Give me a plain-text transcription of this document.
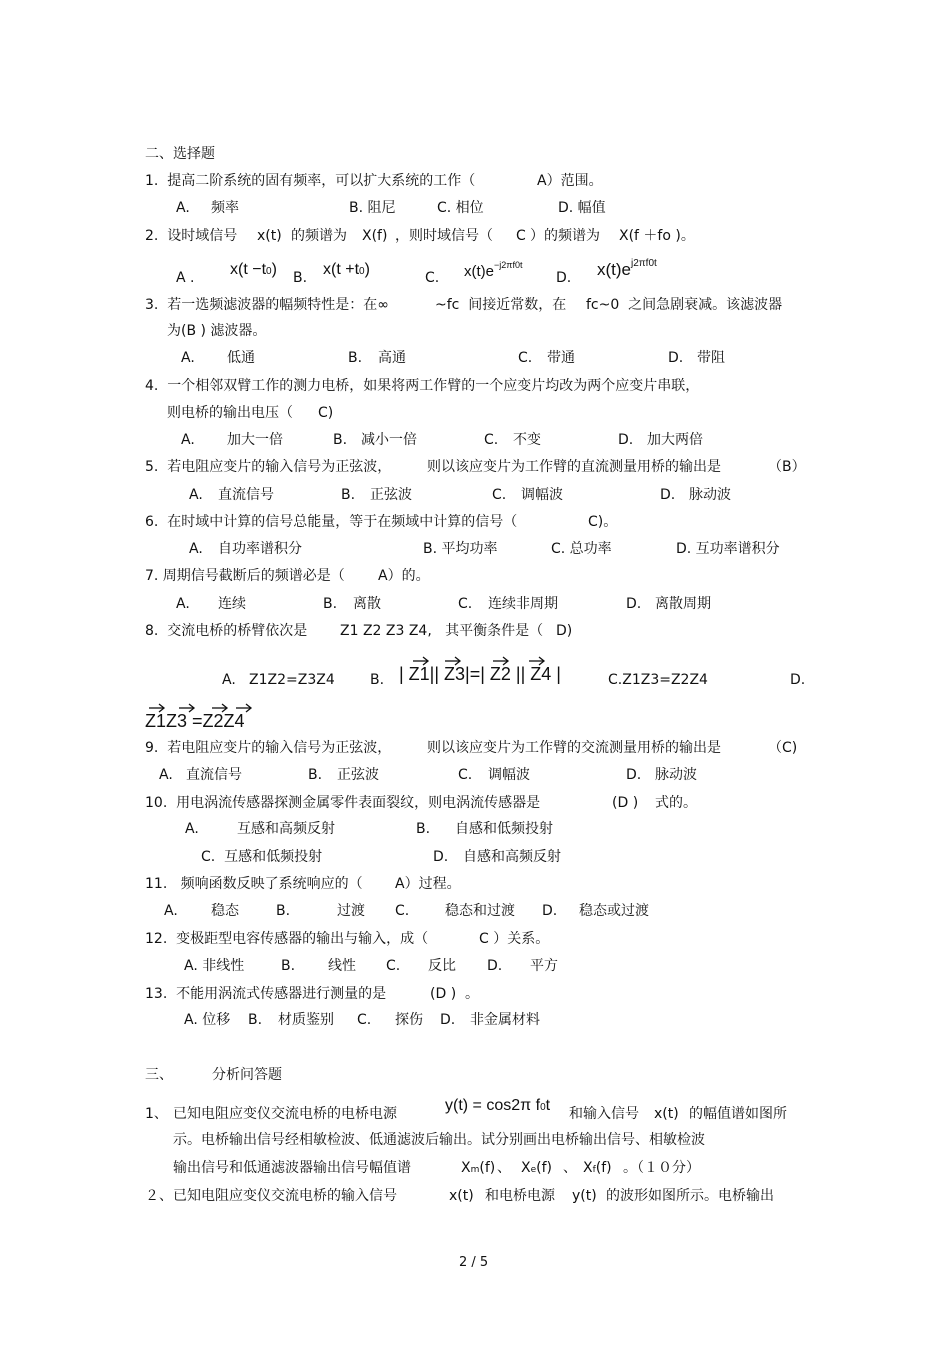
二、选择题
1.  提高二阶系统的固有频率，可以扩大系统的工作（	A）范围。
A. 频率	B. 阻尼	C. 相位	D. 幅值
2.  设时域信号 x(t) 的频谱为 X(f) ，则时域信号（ C ）的频谱为 X(f ＋fo )。
A . x(t −t0) B. x(t +t0)	C. $x(t)e^{-j2\pi f0t}$
D. $x(t)e^{j2\pi f0t}$
3.  若一选频滤波器的幅频特性是：在∞	~fc  间接近常数，在 fc~0  之间急剧衰减。该滤波器
为(B ) 滤波器。
A. 低通	B. 高通	C. 带通	D. 带阻
4.  一个相邻双臂工作的测力电桥，如果将两工作臂的一个应变片均改为两个应变片串联，
则电桥的输出电压（ C)
A. 加大一倍	B. 减小一倍	C. 不变	D. 加大两倍
5.  若电阻应变片的输入信号为正弦波，	则以该应变片为工作臂的直流测量用桥的输出是	（B）
A. 直流信号	B. 正弦波	C. 调幅波	D. 脉动波
6.  在时域中计算的信号总能量，等于在频域中计算的信号（	C)。
A. 自功率谱积分	B. 平均功率	C. 总功率	D. 互功率谱积分
7. 周期信号截断后的频谱必是（ A）的。
A. 连续	B. 离散	C. 连续非周期	D. 离散周期
8.  交流电桥的桥臂依次是 Z1 Z2 Z3 Z4,   其平衡条件是（ D)
A. Z1Z2=Z3Z4	B. | Z1|| Z3|=| Z2 || Z4 |	C.Z1Z3=Z2Z4	D.
Z1Z3 =Z2Z4
9.  若电阻应变片的输入信号为正弦波，	则以该应变片为工作臂的交流测量用桥的输出是	（C)
A. 直流信号	B. 正弦波	C. 调幅波	D. 脉动波
10.  用电涡流传感器探测金属零件表面裂纹，则电涡流传感器是	(D ) 式的。
A.	互感和高频反射	B. 自感和低频投射
C.  互感和低频投射	D. 自感和高频反射
11.   频响函数反映了系统响应的（ A）过程。
A. 稳态	B.	过渡 C.	稳态和过渡 D. 稳态或过渡
12.  变极距型电容传感器的输出与输入，成（	C ）关系。
A. 非线性	B. 线性 C. 反比 D. 平方
13.  不能用涡流式传感器进行测量的是	(D )  。
A. 位移 B. 材质鉴别 C. 探伤 D. 非金属材料
三、	分析问答题
1、 已知电阻应变仪交流电桥的电桥电源	y(t) = cos2π f0t 和输入信号 x(t) 的幅值谱如图所
示。电桥输出信号经相敏检波、低通滤波后输出。试分别画出电桥输出信号、相敏检波
输出信号和低通滤波器输出信号幅值谱	Xm(f) 、 Xe(f) 、 Xf(f) 。（１０分）
２、已知电阻应变仪交流电桥的输入信号	x(t) 和电桥电源 y(t) 的波形如图所示。电桥输出
2 / 5
